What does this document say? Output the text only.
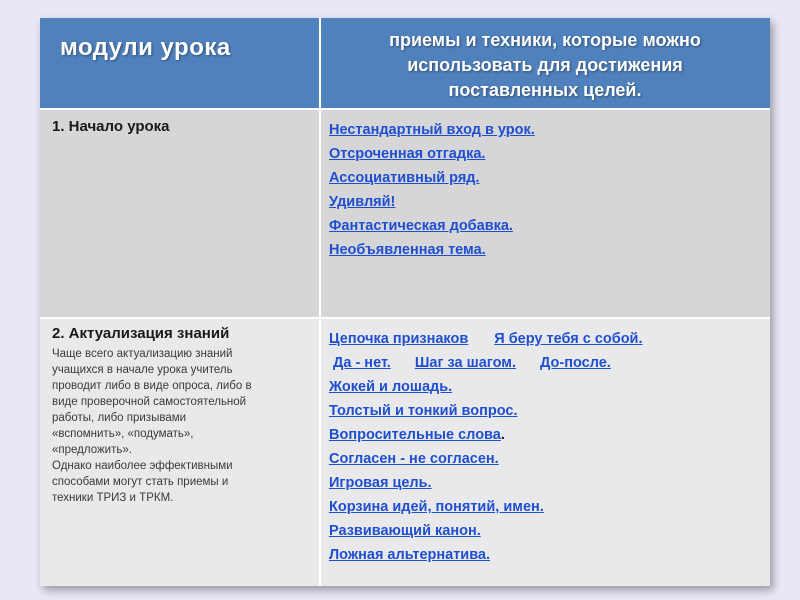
модули урока	приемы и техники, которые можно
использовать для достижения
поставленных целей.
1. Начало урока	Нестандартный вход в урок.
Отсроченная отгадка.
Ассоциативный ряд.
Удивляй!
Фантастическая добавка.
Необъявленная тема.
2. Актуализация знаний
Чаще всего актуализацию знаний
учащихся в начале урока учитель
проводит либо в виде опроса, либо в
виде проверочной самостоятельной
работы, либо призывами
«вспомнить», «подумать»,
«предложить».
Однако наиболее эффективными
способами могут стать приемы и
техники ТРИЗ и ТРКМ.
Цепочка признаков Я беру тебя с собой.
Да - нет. Шаг за шагом. До-после.
Жокей и лошадь.
Толстый и тонкий вопрос.
Вопросительные слова.
Согласен - не согласен.
Игровая цель.
Корзина идей, понятий, имен.
Развивающий канон.
Ложная альтернатива.
